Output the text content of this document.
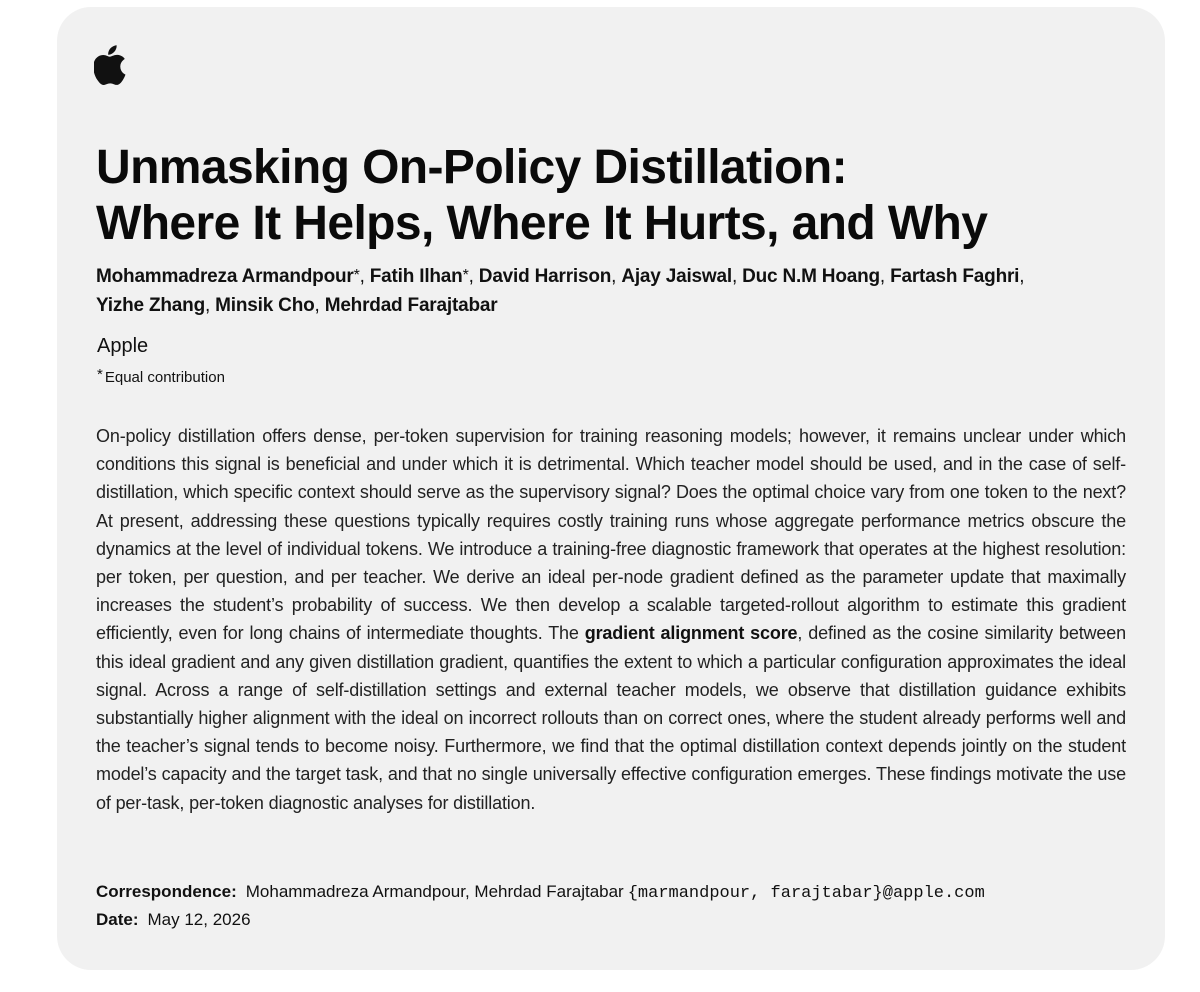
Unmasking On-Policy Distillation:
Where It Helps, Where It Hurts, and Why
Mohammadreza Armandpour*, Fatih Ilhan*, David Harrison, Ajay Jaiswal, Duc N.M Hoang, Fartash Faghri,
Yizhe Zhang, Minsik Cho, Mehrdad Farajtabar
Apple
* Equal contribution

On-policy distillation offers dense, per-token supervision for training reasoning models; however, it remains unclear under which conditions this signal is beneficial and under which it is detrimental. Which teacher model should be used, and in the case of self-distillation, which specific context should serve as the supervisory signal? Does the optimal choice vary from one token to the next? At present, addressing these questions typically requires costly training runs whose aggregate performance metrics obscure the dynamics at the level of individual tokens. We introduce a training-free diagnostic framework that operates at the highest resolution: per token, per question, and per teacher. We derive an ideal per-node gradient defined as the parameter update that maximally increases the student’s probability of success. We then develop a scalable targeted-rollout algorithm to estimate this gradient efficiently, even for long chains of intermediate thoughts. The gradient alignment score, defined as the cosine similarity between this ideal gradient and any given distillation gradient, quantifies the extent to which a particular configuration approximates the ideal signal. Across a range of self-distillation settings and external teacher models, we observe that distillation guidance exhibits substantially higher alignment with the ideal on incorrect rollouts than on correct ones, where the student already performs well and the teacher’s signal tends to become noisy. Furthermore, we find that the optimal distillation context depends jointly on the student model’s capacity and the target task, and that no single universally effective configuration emerges. These findings motivate the use of per-task, per-token diagnostic analyses for distillation.

Correspondence: Mohammadreza Armandpour, Mehrdad Farajtabar {marmandpour, farajtabar}@apple.com
Date: May 12, 2026
